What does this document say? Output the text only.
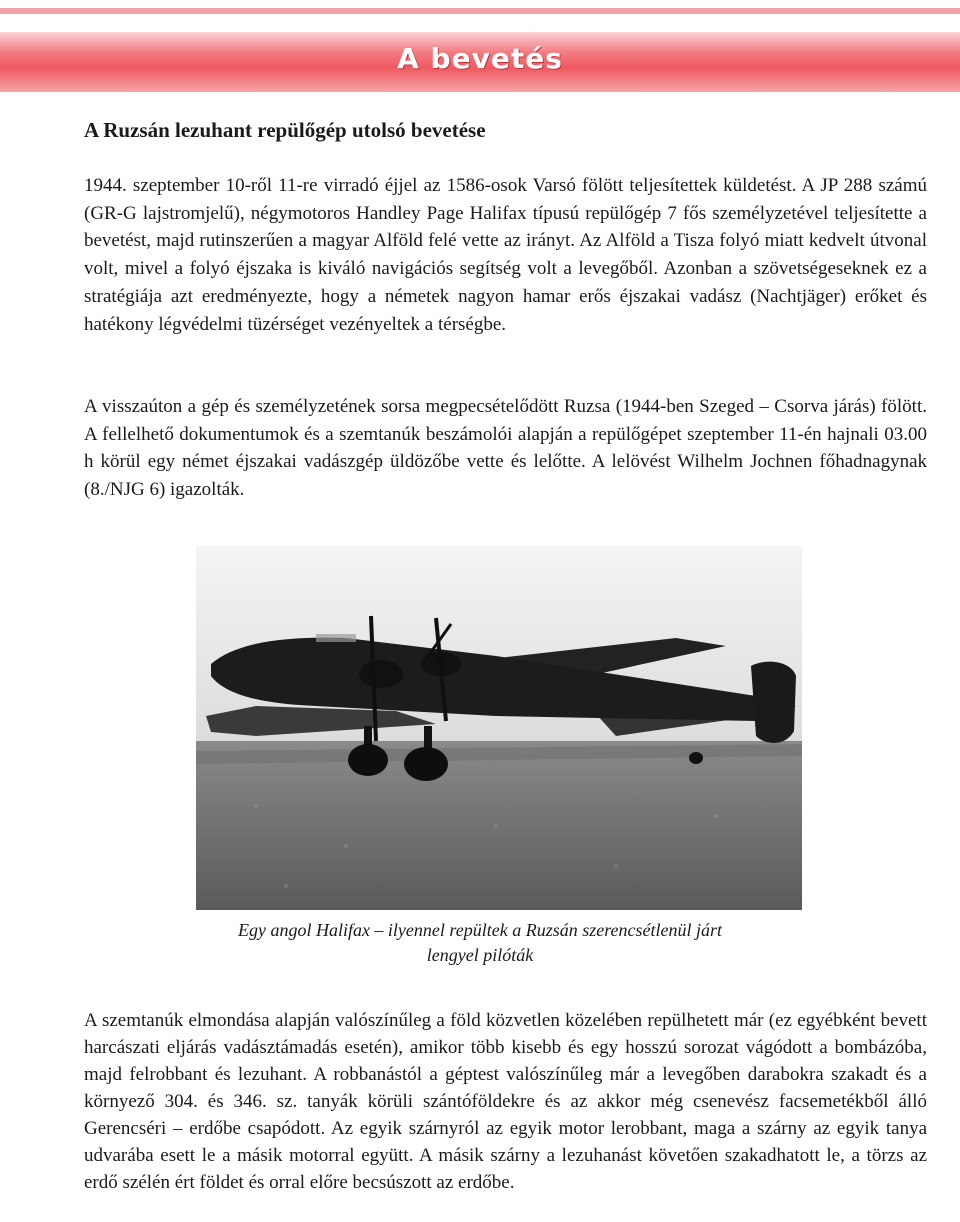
A bevetés
A Ruzsán lezuhant repülőgép utolsó bevetése

1944. szeptember 10-ről 11-re virradó éjjel az 1586-osok Varsó fölött teljesítettek küldetést. A JP 288 számú (GR-G lajstromjelű), négymotoros Handley Page Halifax típusú repülőgép 7 fős személyzetével teljesítette a bevetést, majd rutinszerűen a magyar Alföld felé vette az irányt. Az Alföld a Tisza folyó miatt kedvelt útvonal volt, mivel a folyó éjszaka is kiváló navigációs segítség volt a levegőből. Azonban a szövetségeseknek ez a stratégiája azt eredményezte, hogy a németek nagyon hamar erős éjszakai vadász (Nachtjäger) erőket és hatékony légvédelmi tüzérséget vezényeltek a térségbe.

A visszaúton a gép és személyzetének sorsa megpecsételődött Ruzsa (1944-ben Szeged – Csorva járás) fölött. A fellelhető dokumentumok és a szemtanúk beszámolói alapján a repülőgépet szeptember 11-én hajnali 03.00 h körül egy német éjszakai vadászgép üldözőbe vette és lelőtte. A lelövést Wilhelm Jochnen főhadnagynak (8./NJG 6) igazolták.

Egy angol Halifax – ilyennel repültek a Ruzsán szerencsétlenül járt
lengyel pilóták

A szemtanúk elmondása alapján valószínűleg a föld közvetlen közelében repülhetett már (ez egyébként bevett harcászati eljárás vadásztámadás esetén), amikor több kisebb és egy hosszú sorozat vágódott a bombázóba, majd felrobbant és lezuhant. A robbanástól a géptest valószínűleg már a levegőben darabokra szakadt és a környező 304. és 346. sz. tanyák körüli szántóföldekre és az akkor még csenevész facsemetékből álló Gerencséri – erdőbe csapódott. Az egyik szárnyról az egyik motor lerobbant, maga a szárny az egyik tanya udvarába esett le a másik motorral együtt. A másik szárny a lezuhanást követően szakadhatott le, a törzs az erdő szélén ért földet és orral előre becsúszott az erdőbe.
